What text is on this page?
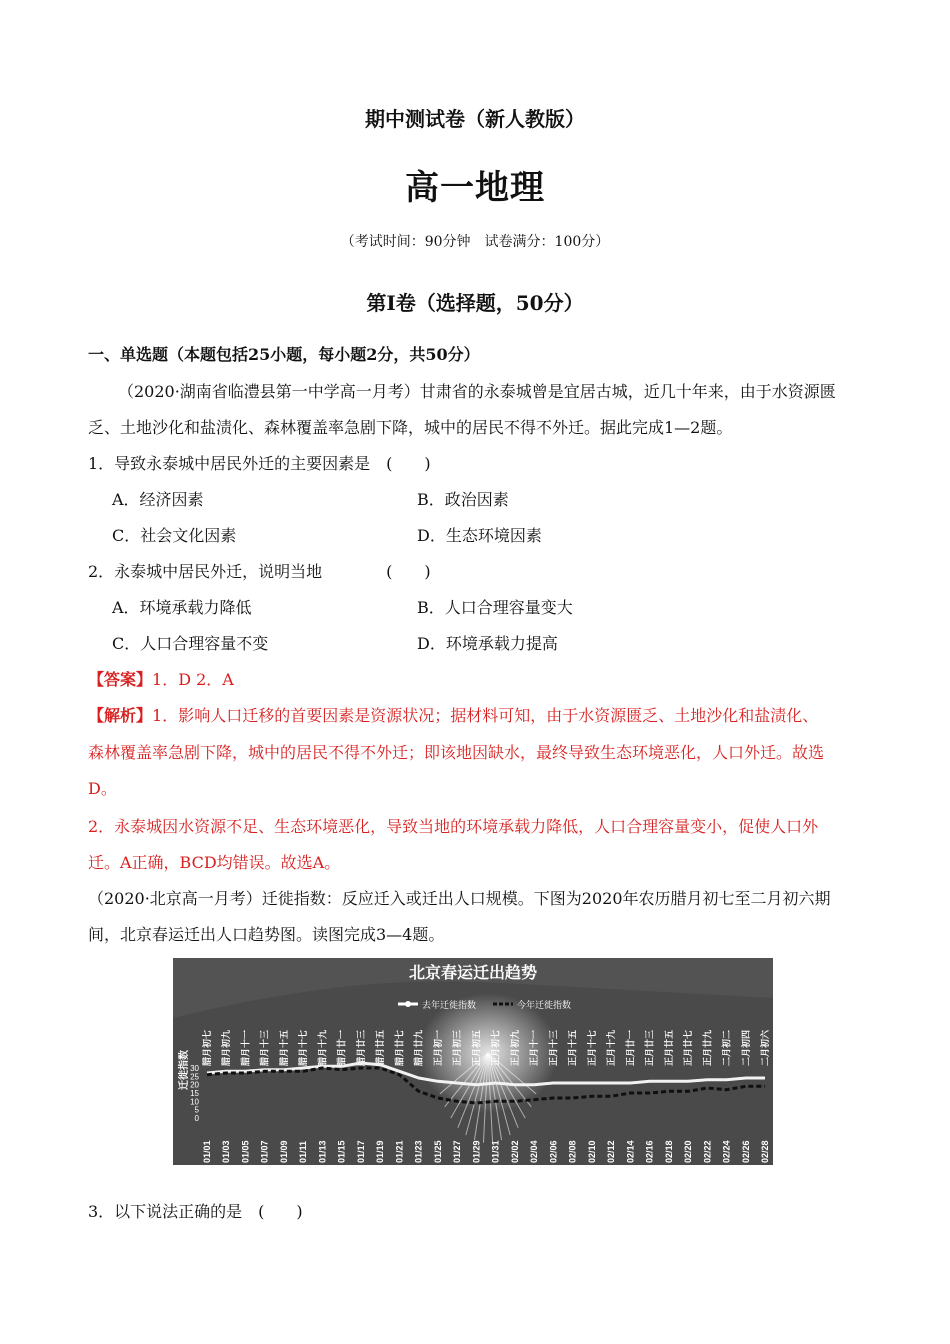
期中测试卷（新人教版）
高一地理
（考试时间：90分钟　试卷满分：100分）
第Ⅰ卷（选择题，50分）
一、单选题（本题包括25小题，每小题2分，共50分）
（2020·湖南省临澧县第一中学高一月考）甘肃省的永泰城曾是宜居古城，近几十年来，由于水资源匮
乏、土地沙化和盐渍化、森林覆盖率急剧下降，城中的居民不得不外迁。据此完成1—2题。
1．导致永泰城中居民外迁的主要因素是　(　　)
A．经济因素	B．政治因素
C．社会文化因素	D．生态环境因素
2．永泰城中居民外迁，说明当地　　　　(　　)
A．环境承载力降低	B．人口合理容量变大
C．人口合理容量不变	D．环境承载力提高
【答案】1．D 2．A
【解析】1．影响人口迁移的首要因素是资源状况；据材料可知，由于水资源匮乏、土地沙化和盐渍化、
森林覆盖率急剧下降，城中的居民不得不外迁；即该地因缺水，最终导致生态环境恶化，人口外迁。故选
D。
2．永泰城因水资源不足、生态环境恶化，导致当地的环境承载力降低，人口合理容量变小，促使人口外
迁。A正确，BCD均错误。故选A。
（2020·北京高一月考）迁徙指数：反应迁入或迁出人口规模。下图为2020年农历腊月初七至二月初六期
间，北京春运迁出人口趋势图。读图完成3—4题。
北京春运迁出趋势
去年迁徙指数	今年迁徙指数
迁徙指数
0
5
10
15
20
25
30
腊月初七 腊月初九 腊月十一 腊月十三 腊月十五 腊月十七 腊月十九 腊月廿一 腊月廿三 腊月廿五 腊月廿七 腊月廿九 正月初一 正月初三 正月初五 正月初七 正月初九 正月十一 正月十三 正月十五 正月十七 正月十九 正月廿一 正月廿三 正月廿五 正月廿七 正月廿九 二月初二 二月初四 二月初六
01/01 01/03 01/05 01/07 01/09 01/11 01/13 01/15 01/17 01/19 01/21 01/23 01/25 01/27 01/29 01/31 02/02 02/04 02/06 02/08 02/10 02/12 02/14 02/16 02/18 02/20 02/22 02/24 02/26 02/28
3．以下说法正确的是　(　　)
